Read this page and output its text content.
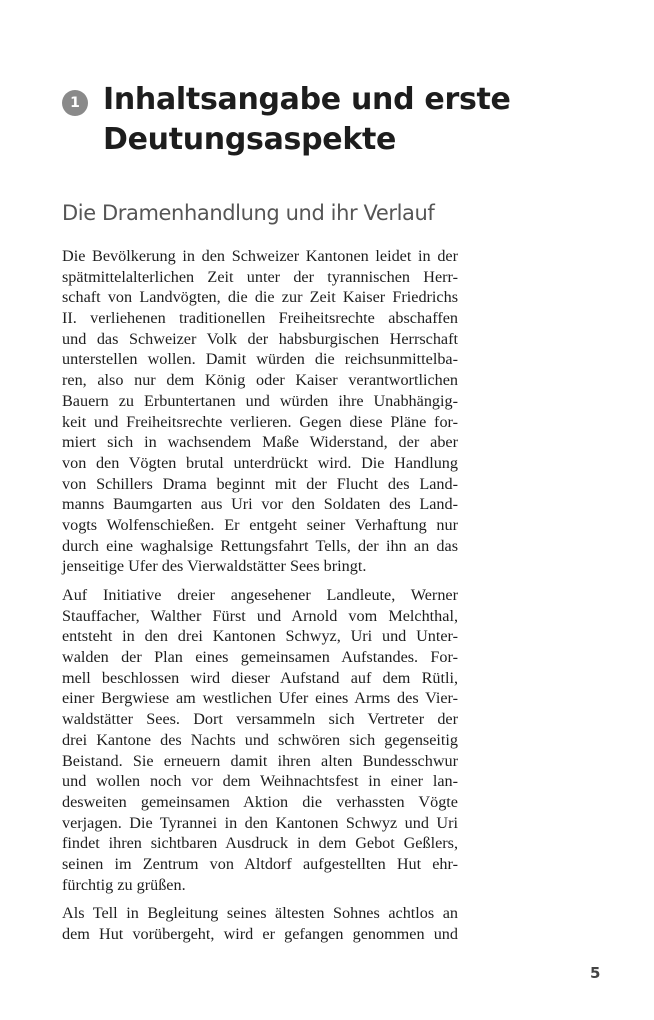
1 Inhaltsangabe und erste
Deutungsaspekte
Die Dramenhandlung und ihr Verlauf

Die Bevölkerung in den Schweizer Kantonen leidet in der
spätmittelalterlichen Zeit unter der tyrannischen Herr-
schaft von Landvögten, die die zur Zeit Kaiser Friedrichs
II. verliehenen traditionellen Freiheitsrechte abschaffen
und das Schweizer Volk der habsburgischen Herrschaft
unterstellen wollen. Damit würden die reichsunmittelba-
ren, also nur dem König oder Kaiser verantwortlichen
Bauern zu Erbuntertanen und würden ihre Unabhängig-
keit und Freiheitsrechte verlieren. Gegen diese Pläne for-
miert sich in wachsendem Maße Widerstand, der aber
von den Vögten brutal unterdrückt wird. Die Handlung
von Schillers Drama beginnt mit der Flucht des Land-
manns Baumgarten aus Uri vor den Soldaten des Land-
vogts Wolfenschießen. Er entgeht seiner Verhaftung nur
durch eine waghalsige Rettungsfahrt Tells, der ihn an das
jenseitige Ufer des Vierwaldstätter Sees bringt.

Auf Initiative dreier angesehener Landleute, Werner
Stauffacher, Walther Fürst und Arnold vom Melchthal,
entsteht in den drei Kantonen Schwyz, Uri und Unter-
walden der Plan eines gemeinsamen Aufstandes. For-
mell beschlossen wird dieser Aufstand auf dem Rütli,
einer Bergwiese am westlichen Ufer eines Arms des Vier-
waldstätter Sees. Dort versammeln sich Vertreter der
drei Kantone des Nachts und schwören sich gegenseitig
Beistand. Sie erneuern damit ihren alten Bundesschwur
und wollen noch vor dem Weihnachtsfest in einer lan-
desweiten gemeinsamen Aktion die verhassten Vögte
verjagen. Die Tyrannei in den Kantonen Schwyz und Uri
findet ihren sichtbaren Ausdruck in dem Gebot Geßlers,
seinen im Zentrum von Altdorf aufgestellten Hut ehr-
fürchtig zu grüßen.

Als Tell in Begleitung seines ältesten Sohnes achtlos an
dem Hut vorübergeht, wird er gefangen genommen und

5
